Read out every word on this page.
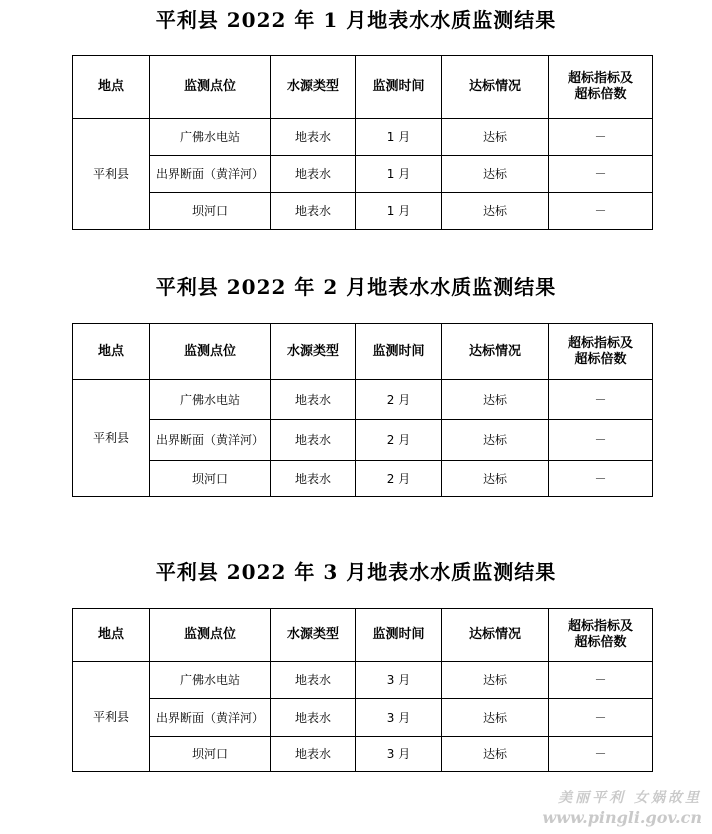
平利县 2022 年 1 月地表水水质监测结果
地点	监测点位	水源类型	监测时间	达标情况	超标指标及超标倍数

平利县	广佛水电站	地表水	1 月	达标	－
	出界断面（黄洋河）	地表水	1 月	达标	－
	坝河口	地表水	1 月	达标	－
平利县 2022 年 2 月地表水水质监测结果
地点	监测点位	水源类型	监测时间	达标情况	超标指标及超标倍数

平利县	广佛水电站	地表水	2 月	达标	－
	出界断面（黄洋河）	地表水	2 月	达标	－
	坝河口	地表水	2 月	达标	－
平利县 2022 年 3 月地表水水质监测结果
地点	监测点位	水源类型	监测时间	达标情况	超标指标及超标倍数

平利县	广佛水电站	地表水	3 月	达标	－
	出界断面（黄洋河）	地表水	3 月	达标	－
	坝河口	地表水	3 月	达标	－
美丽平利 女娲故里
www.pingli.gov.cn
